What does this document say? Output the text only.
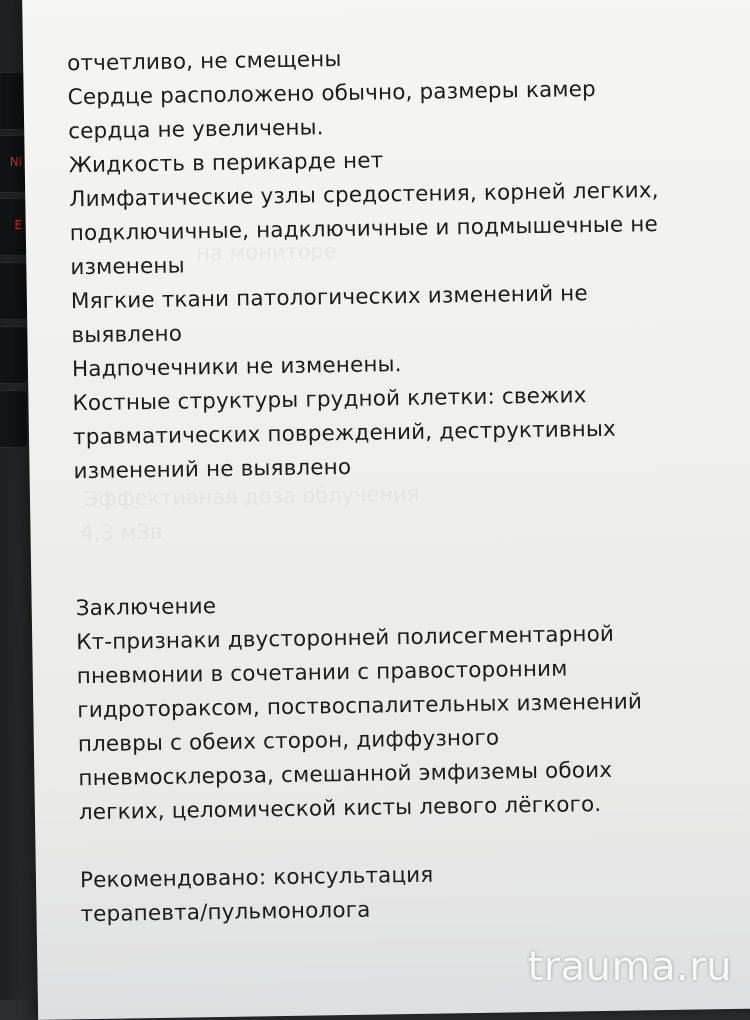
Ni
E
отчетливо, не смещены
Сердце расположено обычно, размеры камер
сердца не увеличены.
Жидкость в перикарде нет
Лимфатические узлы средостения, корней легких,
подключичные, надключичные и подмышечные не
изменены
Мягкие ткани патологических изменений не
выявлено
Надпочечники не изменены.
Костные структуры грудной клетки: свежих
травматических повреждений, деструктивных
изменений не выявлено
Заключение
Кт-признаки двусторонней полисегментарной
пневмонии в сочетании с правосторонним
гидротораксом, поствоспалительных изменений
плевры с обеих сторон, диффузного
пневмосклероза, смешанной эмфиземы обоих
легких, целомической кисты левого лёгкого.
Рекомендовано: консультация
терапевта/пульмонолога
trauma.ru
